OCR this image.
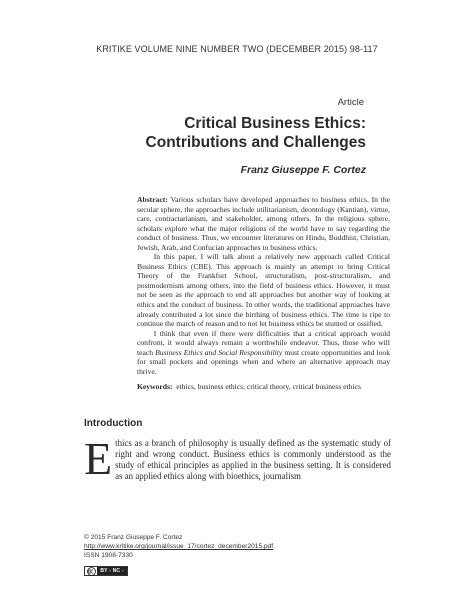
KRITIKE VOLUME NINE NUMBER TWO (DECEMBER 2015) 98-117
Article
Critical Business Ethics:
Contributions and Challenges
Franz Giuseppe F. Cortez

Abstract: Various scholars have developed approaches to business ethics. In the secular sphere, the approaches include utilitarianism, deontology (Kantian), virtue, care, contractarianism, and stakeholder, among others. In the religious sphere, scholars explore what the major religions of the world have to say regarding the conduct of business. Thus, we encounter literatures on Hindu, Buddhist, Christian, Jewish, Arab, and Confucian approaches to business ethics.

In this paper, I will talk about a relatively new approach called Critical Business Ethics (CBE). This approach is mainly an attempt to bring Critical Theory of the Frankfurt School, structuralism, post-structuralism, and postmodernism among others, into the field of business ethics. However, it must not be seen as the approach to end all approaches but another way of looking at ethics and the conduct of business. In other words, the traditional approaches have already contributed a lot since the birthing of business ethics. The time is ripe to continue the march of reason and to not let business ethics be stunted or ossified.

I think that even if there were difficulties that a critical approach would confront, it would always remain a worthwhile endeavor. Thus, those who will teach Business Ethics and Social Responsibility must create opportunities and look for small pockets and openings when and where an alternative approach may thrive.

Keywords: ethics, business ethics, critical theory, critical business ethics
Introduction

Ethics as a branch of philosophy is usually defined as the systematic study of right and wrong conduct. Business ethics is commonly understood as the study of ethical principles as applied in the business setting. It is considered as an applied ethics along with bioethics, journalism

© 2015 Franz Giuseppe F. Cortez
http://www.kritike.org/journal/issue_17/cortez_december2015.pdf
ISSN 1908-7330
BY - NC - ND
